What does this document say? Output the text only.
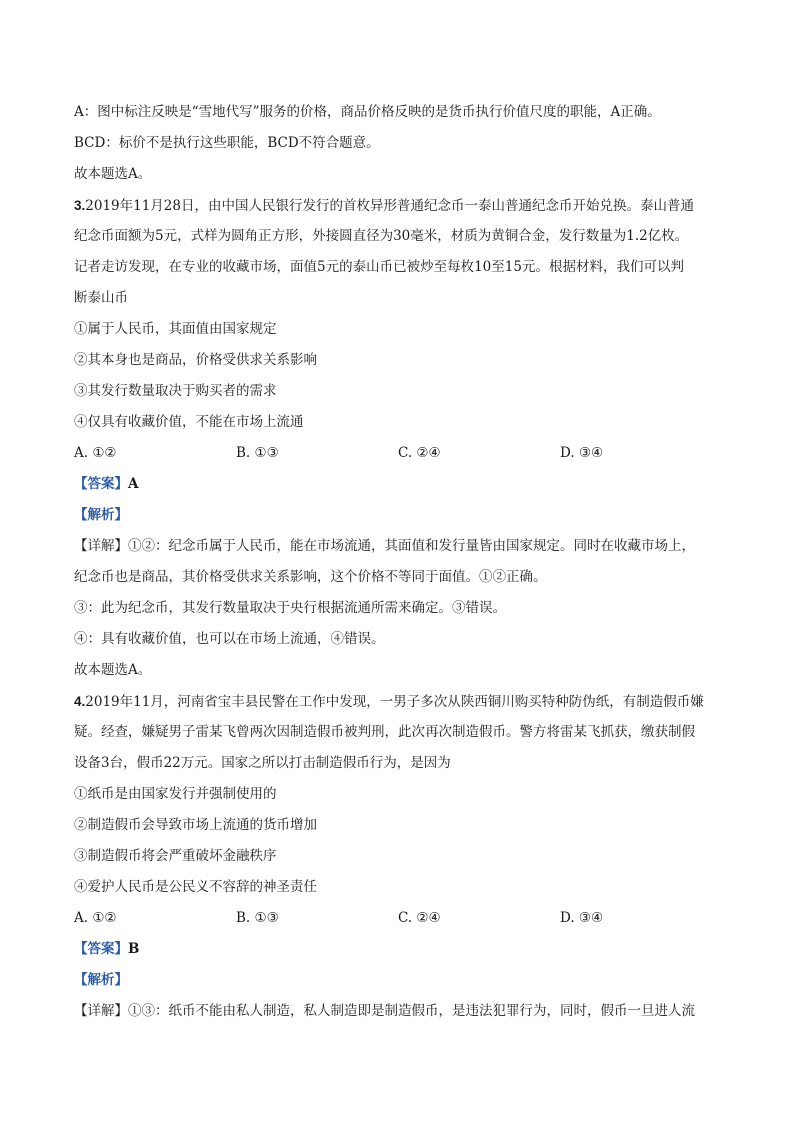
A：图中标注反映是“雪地代写”服务的价格，商品价格反映的是货币执行价值尺度的职能，A正确。
BCD：标价不是执行这些职能，BCD不符合题意。
故本题选A。
3.2019年11月28日，由中国人民银行发行的首枚异形普通纪念币一泰山普通纪念币开始兑换。泰山普通
纪念币面额为5元，式样为圆角正方形，外接圆直径为30毫米，材质为黄铜合金，发行数量为1.2亿枚。
记者走访发现，在专业的收藏市场，面值5元的泰山币已被炒至每枚10至15元。根据材料，我们可以判
断泰山币
①属于人民币，其面值由国家规定
②其本身也是商品，价格受供求关系影响
③其发行数量取决于购买者的需求
④仅具有收藏价值，不能在市场上流通
A. ①②	B. ①③	C. ②④	D. ③④
【答案】A
【解析】
【详解】①②：纪念币属于人民币，能在市场流通，其面值和发行量皆由国家规定。同时在收藏市场上，
纪念币也是商品，其价格受供求关系影响，这个价格不等同于面值。①②正确。
③：此为纪念币，其发行数量取决于央行根据流通所需来确定。③错误。
④：具有收藏价值，也可以在市场上流通，④错误。
故本题选A。
4.2019年11月，河南省宝丰县民警在工作中发现，一男子多次从陕西铜川购买特种防伪纸，有制造假币嫌
疑。经查，嫌疑男子雷某飞曾两次因制造假币被判刑，此次再次制造假币。警方将雷某飞抓获，缴获制假
设备3台，假币22万元。国家之所以打击制造假币行为，是因为
①纸币是由国家发行并强制使用的
②制造假币会导致市场上流通的货币增加
③制造假币将会严重破坏金融秩序
④爱护人民币是公民义不容辞的神圣责任
A. ①②	B. ①③	C. ②④	D. ③④
【答案】B
【解析】
【详解】①③：纸币不能由私人制造，私人制造即是制造假币，是违法犯罪行为，同时，假币一旦进人流
